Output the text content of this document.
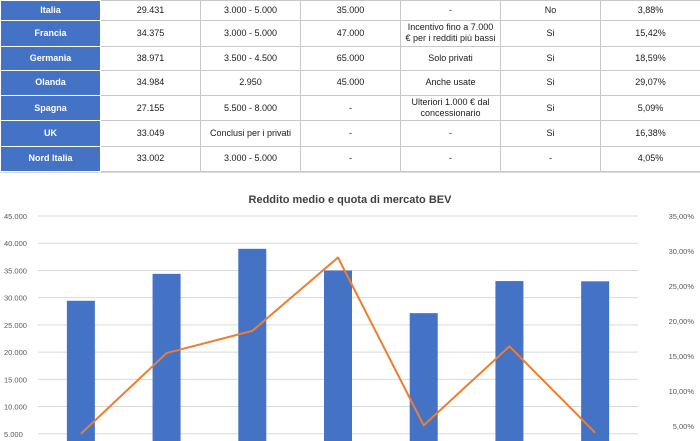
Italia	29.431	3.000 - 5.000	35.000	-	No	3,88%
Francia	34.375	3.000 - 5.000	47.000	Incentivo fino a 7.000 € per i redditi più bassi	Si	15,42%
Germania	38.971	3.500 - 4.500	65.000	Solo privati	Si	18,59%
Olanda	34.984	2.950	45.000	Anche usate	Si	29,07%
Spagna	27.155	5.500 - 8.000	-	Ulteriori 1.000 € dal concessionario	Si	5,09%
UK	33.049	Conclusi per i privati	-	-	Si	16,38%
Nord Italia	33.002	3.000 - 5.000	-	-	-	4,05%
Reddito medio e quota di mercato BEV
5.000
10.000
15.000
20.000
25.000
30.000
35.000
40.000
45.000
5,00%
10,00%
15,00%
20,00%
25,00%
30,00%
35,00%
